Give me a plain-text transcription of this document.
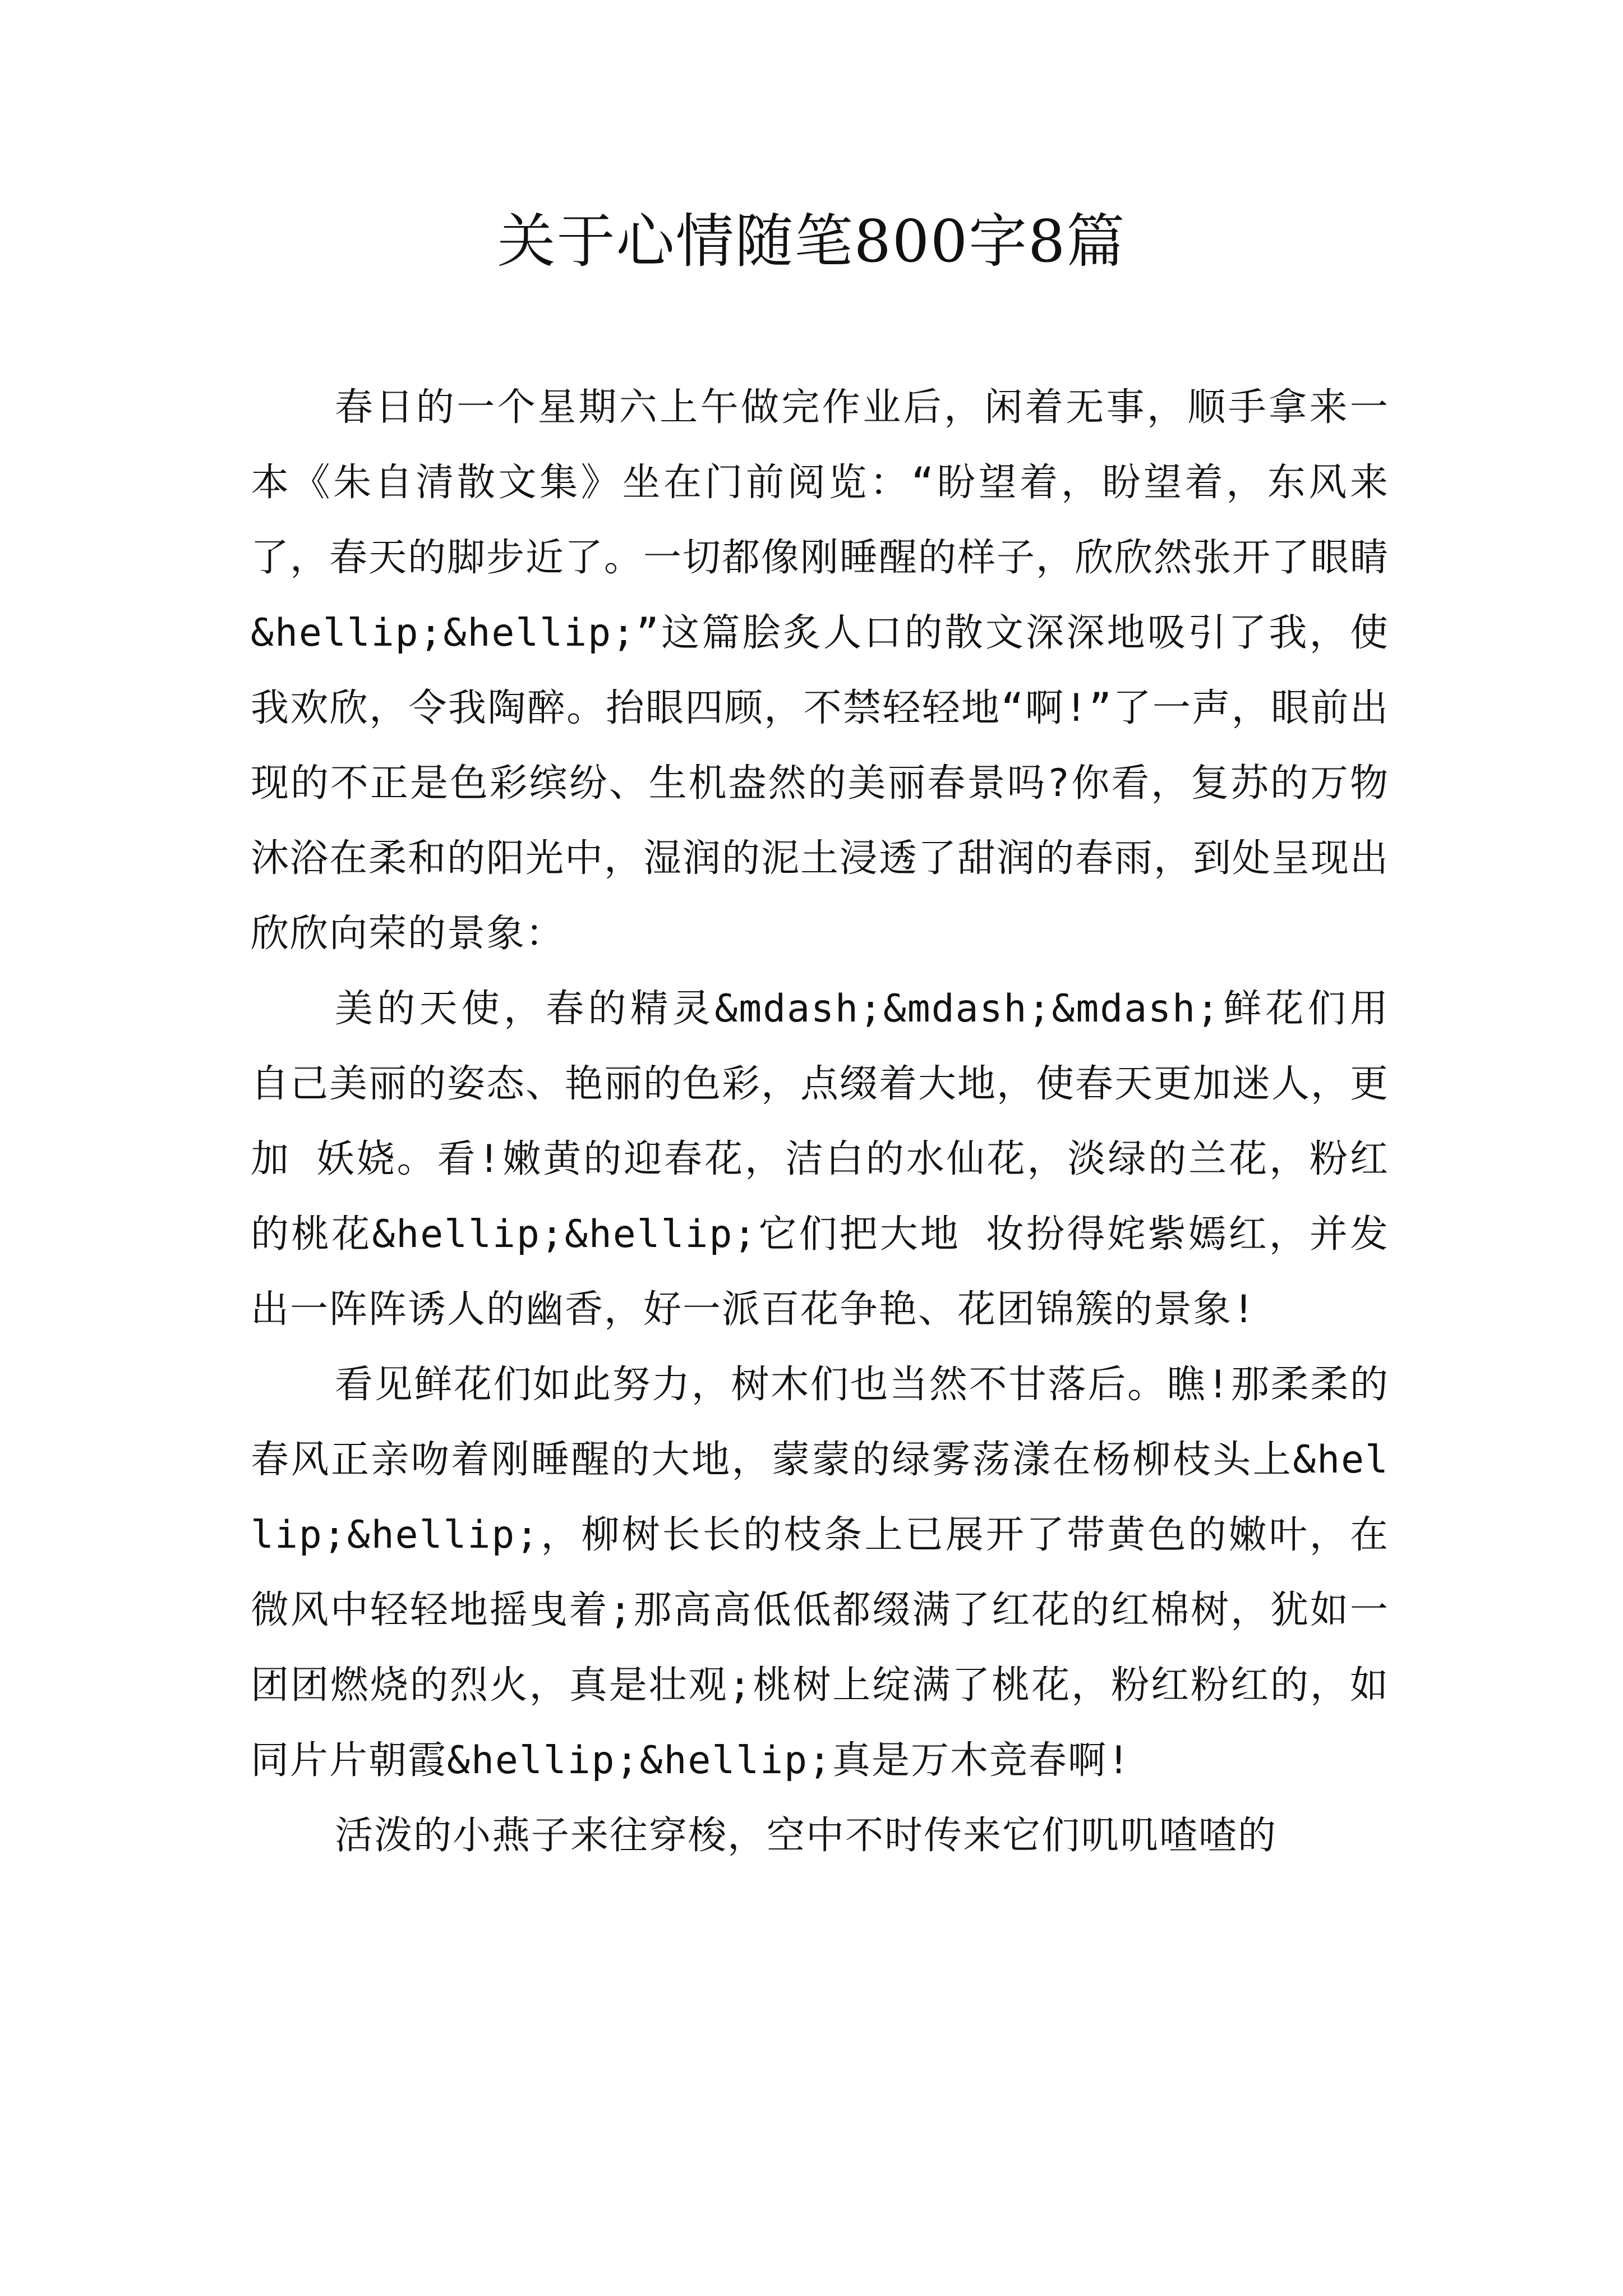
关于心情随笔800字8篇

春日的一个星期六上午做完作业后，闲着无事，顺手拿来一本《朱自清散文集》坐在门前阅览：“盼望着，盼望着，东风来了，春天的脚步近了。一切都像刚睡醒的样子，欣欣然张开了眼睛&hellip;&hellip;”这篇脍炙人口的散文深深地吸引了我，使我欢欣，令我陶醉。抬眼四顾，不禁轻轻地“啊!”了一声，眼前出现的不正是色彩缤纷、生机盎然的美丽春景吗?你看，复苏的万物沐浴在柔和的阳光中，湿润的泥土浸透了甜润的春雨，到处呈现出欣欣向荣的景象：

美的天使，春的精灵&mdash;&mdash;&mdash;鲜花们用自己美丽的姿态、艳丽的色彩，点缀着大地，使春天更加迷人，更加 妖娆。看!嫩黄的迎春花，洁白的水仙花，淡绿的兰花，粉红的桃花&hellip;&hellip;它们把大地 妆扮得姹紫嫣红，并发出一阵阵诱人的幽香，好一派百花争艳、花团锦簇的景象!

看见鲜花们如此努力，树木们也当然不甘落后。瞧!那柔柔的春风正亲吻着刚睡醒的大地，蒙蒙的绿雾荡漾在杨柳枝头上&hellip;&hellip;，柳树长长的枝条上已展开了带黄色的嫩叶，在微风中轻轻地摇曳着;那高高低低都缀满了红花的红棉树，犹如一团团燃烧的烈火，真是壮观;桃树上绽满了桃花，粉红粉红的，如同片片朝霞&hellip;&hellip;真是万木竞春啊!

活泼的小燕子来往穿梭，空中不时传来它们叽叽喳喳的
